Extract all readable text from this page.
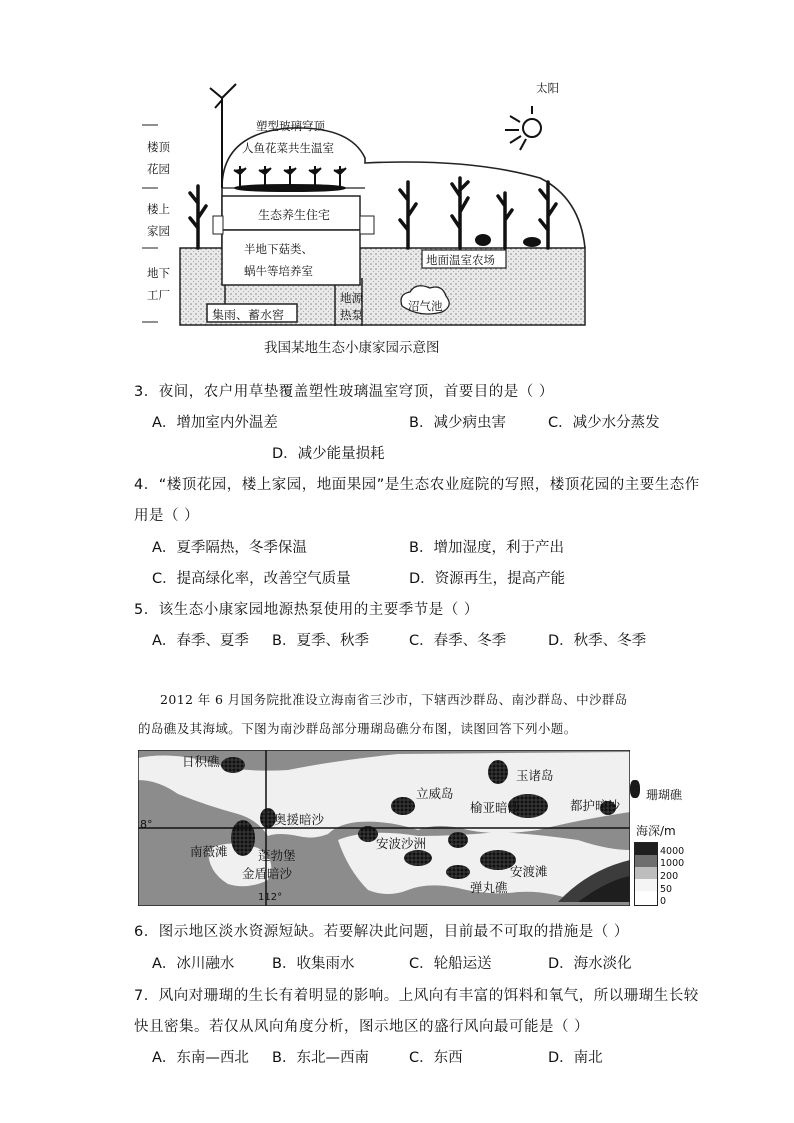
太阳
塑型玻璃穹顶
人鱼花菜共生温室
楼顶
花园
楼上
家园
地下
工厂
生态养生住宅
半地下菇类、
蜗牛等培养室
地面温室农场
集雨、蓄水窖
地源
热泵
沼气池
我国某地生态小康家园示意图
3．夜间，农户用草垫覆盖塑性玻璃温室穹顶，首要目的是（ ）
A．增加室内外温差	B．减少病虫害	C．减少水分蒸发
D．减少能量损耗
4．“楼顶花园，楼上家园，地面果园”是生态农业庭院的写照，楼顶花园的主要生态作
用是（ ）
A．夏季隔热，冬季保温	B．增加湿度，利于产出
C．提高绿化率，改善空气质量	D．资源再生，提高产能
5．该生态小康家园地源热泵使用的主要季节是（ ）
A．春季、夏季 B．夏季、秋季	C．春季、冬季	D．秋季、冬季
2012 年 6 月国务院批准设立海南省三沙市，下辖西沙群岛、南沙群岛、中沙群岛
的岛礁及其海域。下图为南沙群岛部分珊瑚岛礁分布图，读图回答下列小题。
日积礁
立威岛
玉诸岛
榆亚暗沙	都护暗沙
奥援暗沙
南薇滩
安波沙洲
蓬勃堡
金盾暗沙	安渡滩
弹丸礁
8°
112°
珊瑚礁
海深/m
4000
1000
200
50
0
6．图示地区淡水资源短缺。若要解决此问题，目前最不可取的措施是（ ）
A．冰川融水	B．收集雨水	C．轮船运送	D．海水淡化
7．风向对珊瑚的生长有着明显的影响。上风向有丰富的饵料和氧气，所以珊瑚生长较
快且密集。若仅从风向角度分析，图示地区的盛行风向最可能是（ ）
A．东南—西北 B．东北—西南	C．东西	D．南北
